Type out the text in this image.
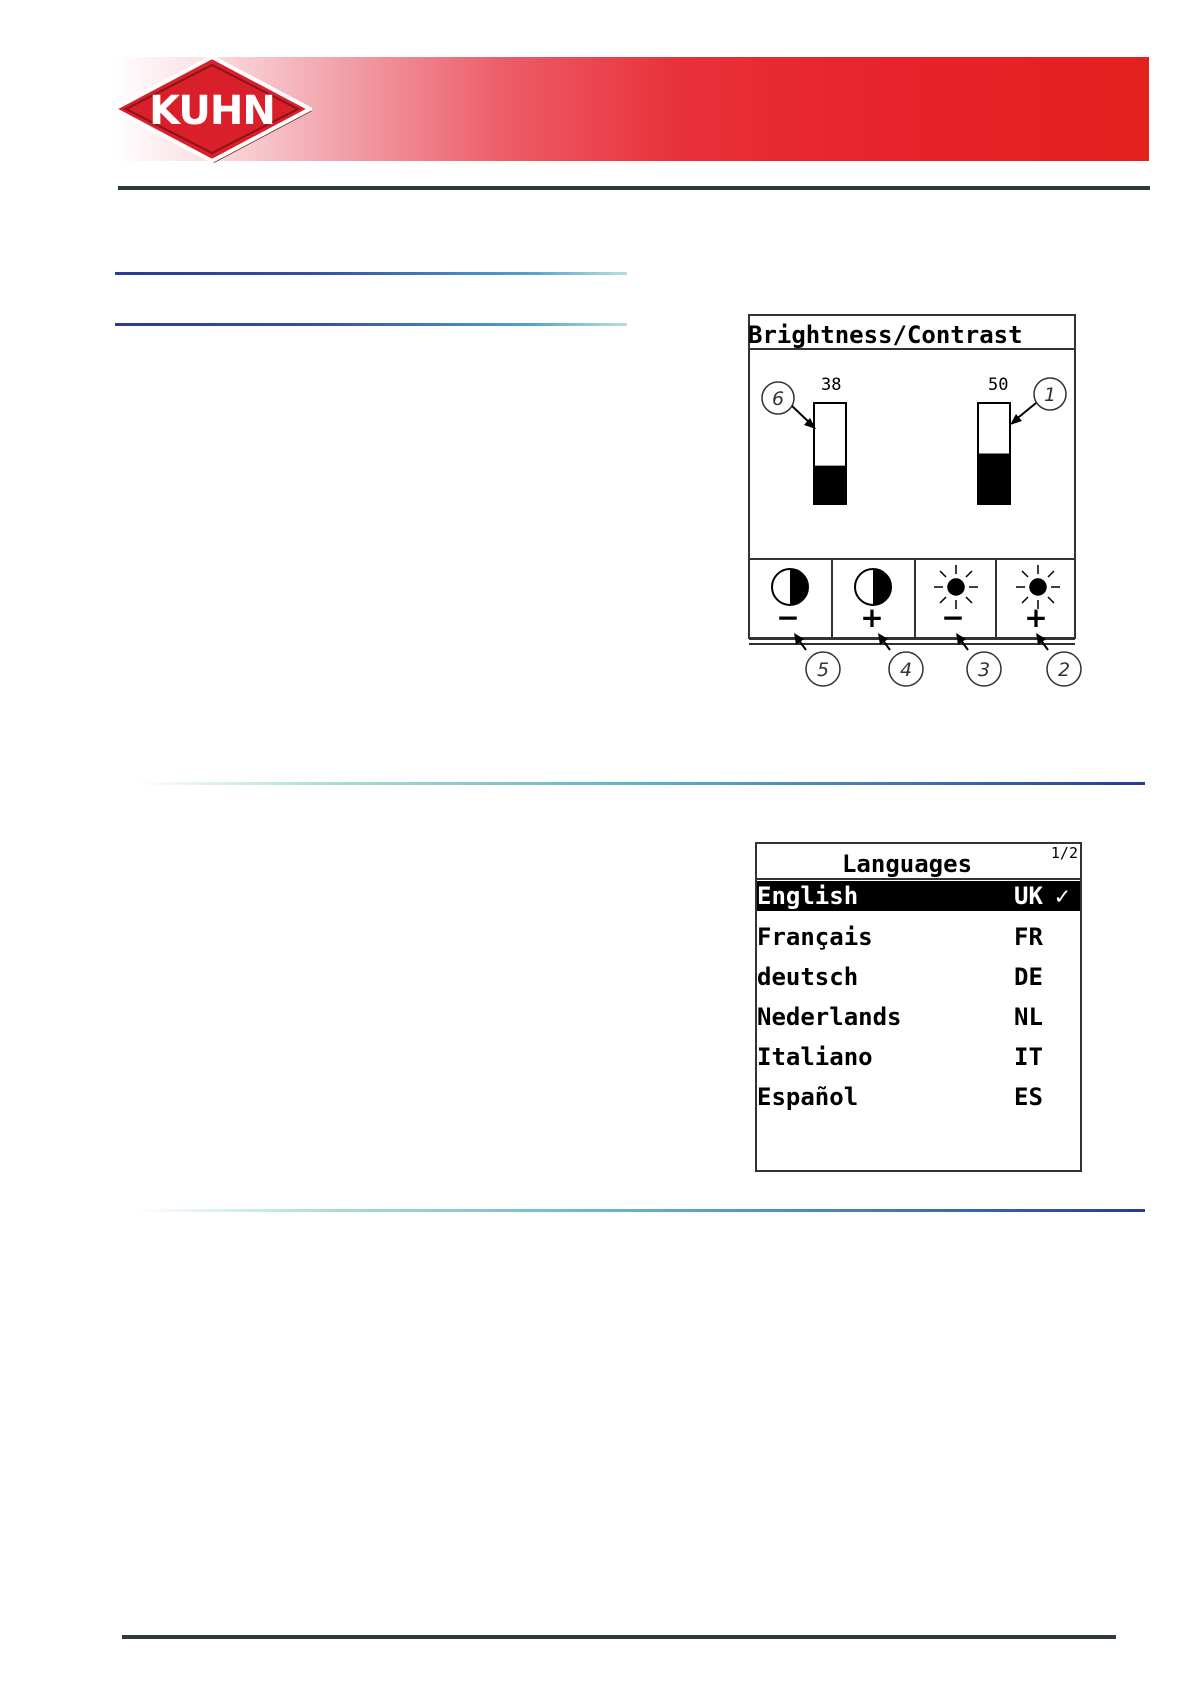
KUHN
Brightness/Contrast
38	50
6	1
− + − +
5	4	3	2
Languages	1/2
English	UK ✓
Français	FR
deutsch	DE
Nederlands	NL
Italiano	IT
Español	ES
